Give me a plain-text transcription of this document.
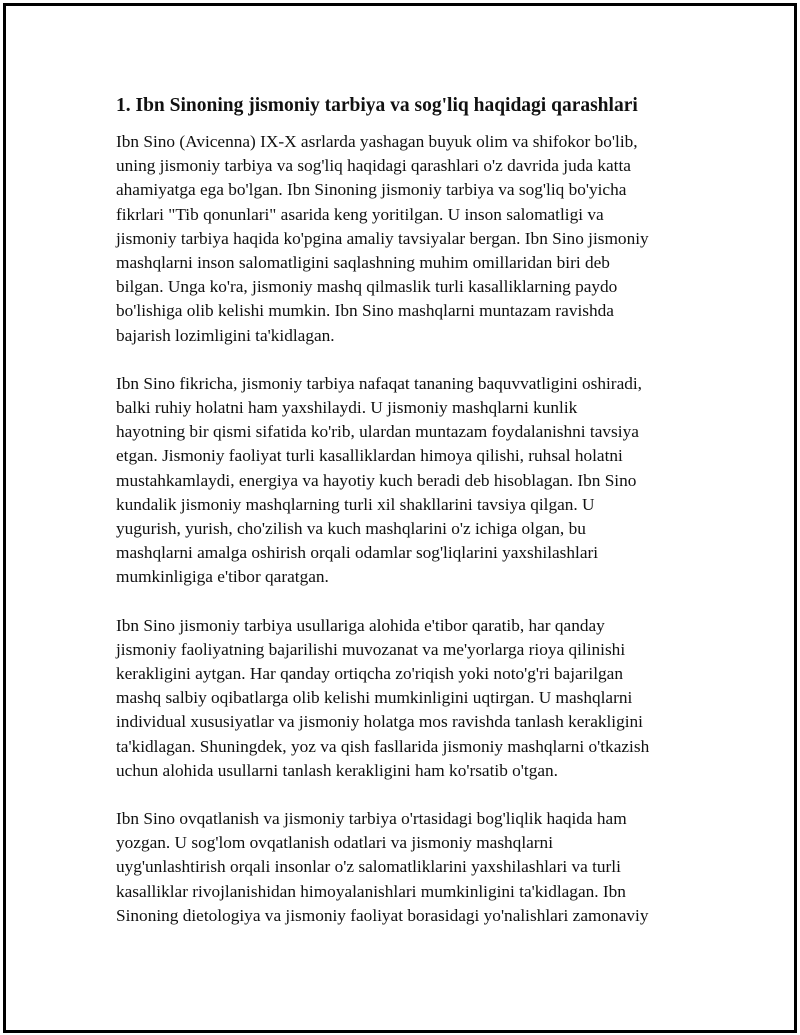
1. Ibn Sinoning jismoniy tarbiya va sog'liq haqidagi qarashlari

Ibn Sino (Avicenna) IX-X asrlarda yashagan buyuk olim va shifokor bo'lib,
uning jismoniy tarbiya va sog'liq haqidagi qarashlari o'z davrida juda katta
ahamiyatga ega bo'lgan. Ibn Sinoning jismoniy tarbiya va sog'liq bo'yicha
fikrlari "Tib qonunlari" asarida keng yoritilgan. U inson salomatligi va
jismoniy tarbiya haqida ko'pgina amaliy tavsiyalar bergan. Ibn Sino jismoniy
mashqlarni inson salomatligini saqlashning muhim omillaridan biri deb
bilgan. Unga ko'ra, jismoniy mashq qilmaslik turli kasalliklarning paydo
bo'lishiga olib kelishi mumkin. Ibn Sino mashqlarni muntazam ravishda
bajarish lozimligini ta'kidlagan.

Ibn Sino fikricha, jismoniy tarbiya nafaqat tananing baquvvatligini oshiradi,
balki ruhiy holatni ham yaxshilaydi. U jismoniy mashqlarni kunlik
hayotning bir qismi sifatida ko'rib, ulardan muntazam foydalanishni tavsiya
etgan. Jismoniy faoliyat turli kasalliklardan himoya qilishi, ruhsal holatni
mustahkamlaydi, energiya va hayotiy kuch beradi deb hisoblagan. Ibn Sino
kundalik jismoniy mashqlarning turli xil shakllarini tavsiya qilgan. U
yugurish, yurish, cho'zilish va kuch mashqlarini o'z ichiga olgan, bu
mashqlarni amalga oshirish orqali odamlar sog'liqlarini yaxshilashlari
mumkinligiga e'tibor qaratgan.

Ibn Sino jismoniy tarbiya usullariga alohida e'tibor qaratib, har qanday
jismoniy faoliyatning bajarilishi muvozanat va me'yorlarga rioya qilinishi
kerakligini aytgan. Har qanday ortiqcha zo'riqish yoki noto'g'ri bajarilgan
mashq salbiy oqibatlarga olib kelishi mumkinligini uqtirgan. U mashqlarni
individual xususiyatlar va jismoniy holatga mos ravishda tanlash kerakligini
ta'kidlagan. Shuningdek, yoz va qish fasllarida jismoniy mashqlarni o'tkazish
uchun alohida usullarni tanlash kerakligini ham ko'rsatib o'tgan.

Ibn Sino ovqatlanish va jismoniy tarbiya o'rtasidagi bog'liqlik haqida ham
yozgan. U sog'lom ovqatlanish odatlari va jismoniy mashqlarni
uyg'unlashtirish orqali insonlar o'z salomatliklarini yaxshilashlari va turli
kasalliklar rivojlanishidan himoyalanishlari mumkinligini ta'kidlagan. Ibn
Sinoning dietologiya va jismoniy faoliyat borasidagi yo'nalishlari zamonaviy
